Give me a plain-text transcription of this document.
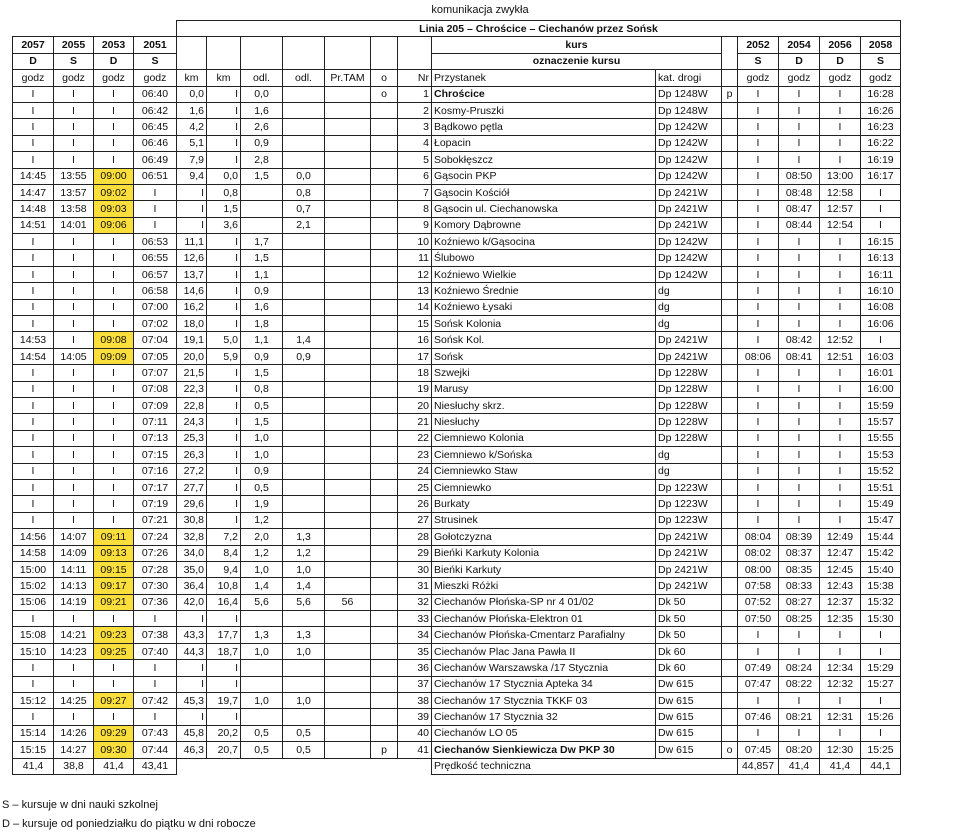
komunikacja zwykła
				Linia 205 – Chrościce – Ciechanów przez Sońsk													
2057	2055	2053	2051								kurs			2052	2054	2056	2058
D	S	D	S								oznaczenie kursu			S	D	D	S
godz	godz	godz	godz	km	km	odl.	odl.	Pr.TAM	o	Nr	Przystanek	kat. drogi		godz	godz	godz	godz
I	I	I	06:40	0,0	I	0,0			o	1	Chrościce	Dp 1248W	p	I	I	I	16:28
I	I	I	06:42	1,6	I	1,6				2	Kosmy-Pruszki	Dp 1248W		I	I	I	16:26
I	I	I	06:45	4,2	I	2,6				3	Bądkowo pętla	Dp 1242W		I	I	I	16:23
I	I	I	06:46	5,1	I	0,9				4	Łopacin	Dp 1242W		I	I	I	16:22
I	I	I	06:49	7,9	I	2,8				5	Sobokłęszcz	Dp 1242W		I	I	I	16:19
14:45	13:55	09:00	06:51	9,4	0,0	1,5	0,0			6	Gąsocin PKP	Dp 1242W		I	08:50	13:00	16:17
14:47	13:57	09:02	I	I	0,8		0,8			7	Gąsocin Kościół	Dp 2421W		I	08:48	12:58	I
14:48	13:58	09:03	I	I	1,5		0,7			8	Gąsocin ul. Ciechanowska	Dp 2421W		I	08:47	12:57	I
14:51	14:01	09:06	I	I	3,6		2,1			9	Komory Dąbrowne	Dp 2421W		I	08:44	12:54	I
I	I	I	06:53	11,1	I	1,7				10	Koźniewo k/Gąsocina	Dp 1242W		I	I	I	16:15
I	I	I	06:55	12,6	I	1,5				11	Ślubowo	Dp 1242W		I	I	I	16:13
I	I	I	06:57	13,7	I	1,1				12	Koźniewo Wielkie	Dp 1242W		I	I	I	16:11
I	I	I	06:58	14,6	I	0,9				13	Koźniewo Średnie	dg		I	I	I	16:10
I	I	I	07:00	16,2	I	1,6				14	Koźniewo Łysaki	dg		I	I	I	16:08
I	I	I	07:02	18,0	I	1,8				15	Sońsk Kolonia	dg		I	I	I	16:06
14:53	I	09:08	07:04	19,1	5,0	1,1	1,4			16	Sońsk Kol.	Dp 2421W		I	08:42	12:52	I
14:54	14:05	09:09	07:05	20,0	5,9	0,9	0,9			17	Sońsk	Dp 2421W		08:06	08:41	12:51	16:03
I	I	I	07:07	21,5	I	1,5				18	Szwejki	Dp 1228W		I	I	I	16:01
I	I	I	07:08	22,3	I	0,8				19	Marusy	Dp 1228W		I	I	I	16:00
I	I	I	07:09	22,8	I	0,5				20	Niesłuchy skrz.	Dp 1228W		I	I	I	15:59
I	I	I	07:11	24,3	I	1,5				21	Niesłuchy	Dp 1228W		I	I	I	15:57
I	I	I	07:13	25,3	I	1,0				22	Ciemniewo Kolonia	Dp 1228W		I	I	I	15:55
I	I	I	07:15	26,3	I	1,0				23	Ciemniewo k/Sońska	dg		I	I	I	15:53
I	I	I	07:16	27,2	I	0,9				24	Ciemniewko Staw	dg		I	I	I	15:52
I	I	I	07:17	27,7	I	0,5				25	Ciemniewko	Dp 1223W		I	I	I	15:51
I	I	I	07:19	29,6	I	1,9				26	Burkaty	Dp 1223W		I	I	I	15:49
I	I	I	07:21	30,8	I	1,2				27	Strusinek	Dp 1223W		I	I	I	15:47
14:56	14:07	09:11	07:24	32,8	7,2	2,0	1,3			28	Gołotczyzna	Dp 2421W		08:04	08:39	12:49	15:44
14:58	14:09	09:13	07:26	34,0	8,4	1,2	1,2			29	Bieńki Karkuty Kolonia	Dp 2421W		08:02	08:37	12:47	15:42
15:00	14:11	09:15	07:28	35,0	9,4	1,0	1,0			30	Bieńki Karkuty	Dp 2421W		08:00	08:35	12:45	15:40
15:02	14:13	09:17	07:30	36,4	10,8	1,4	1,4			31	Mieszki Różki	Dp 2421W		07:58	08:33	12:43	15:38
15:06	14:19	09:21	07:36	42,0	16,4	5,6	5,6	56		32	Ciechanów Płońska-SP nr 4 01/02	Dk 50		07:52	08:27	12:37	15:32
I	I	I	I	I	I					33	Ciechanów Płońska-Elektron 01	Dk 50		07:50	08:25	12:35	15:30
15:08	14:21	09:23	07:38	43,3	17,7	1,3	1,3			34	Ciechanów Płońska-Cmentarz Parafialny	Dk 50		I	I	I	I
15:10	14:23	09:25	07:40	44,3	18,7	1,0	1,0			35	Ciechanów Plac Jana Pawła II	Dk 60		I	I	I	I
I	I	I	I	I	I					36	Ciechanów Warszawska /17 Stycznia	Dk 60		07:49	08:24	12:34	15:29
I	I	I	I	I	I					37	Ciechanów 17 Stycznia Apteka 34	Dw 615		07:47	08:22	12:32	15:27
15:12	14:25	09:27	07:42	45,3	19,7	1,0	1,0			38	Ciechanów 17 Stycznia TKKF 03	Dw 615		I	I	I	I
I	I	I	I	I	I					39	Ciechanów 17 Stycznia 32	Dw 615		07:46	08:21	12:31	15:26
15:14	14:26	09:29	07:43	45,8	20,2	0,5	0,5			40	Ciechanów LO 05	Dw 615		I	I	I	I
15:15	14:27	09:30	07:44	46,3	20,7	0,5	0,5		p	41	Ciechanów Sienkiewicza Dw PKP 30	Dw 615	o	07:45	08:20	12:30	15:25
41,4	38,8	41,4	43,41								Prędkość techniczna			44,857	41,4	41,4	44,1
S – kursuje w dni nauki szkolnej
D – kursuje od poniedziałku do piątku w dni robocze
